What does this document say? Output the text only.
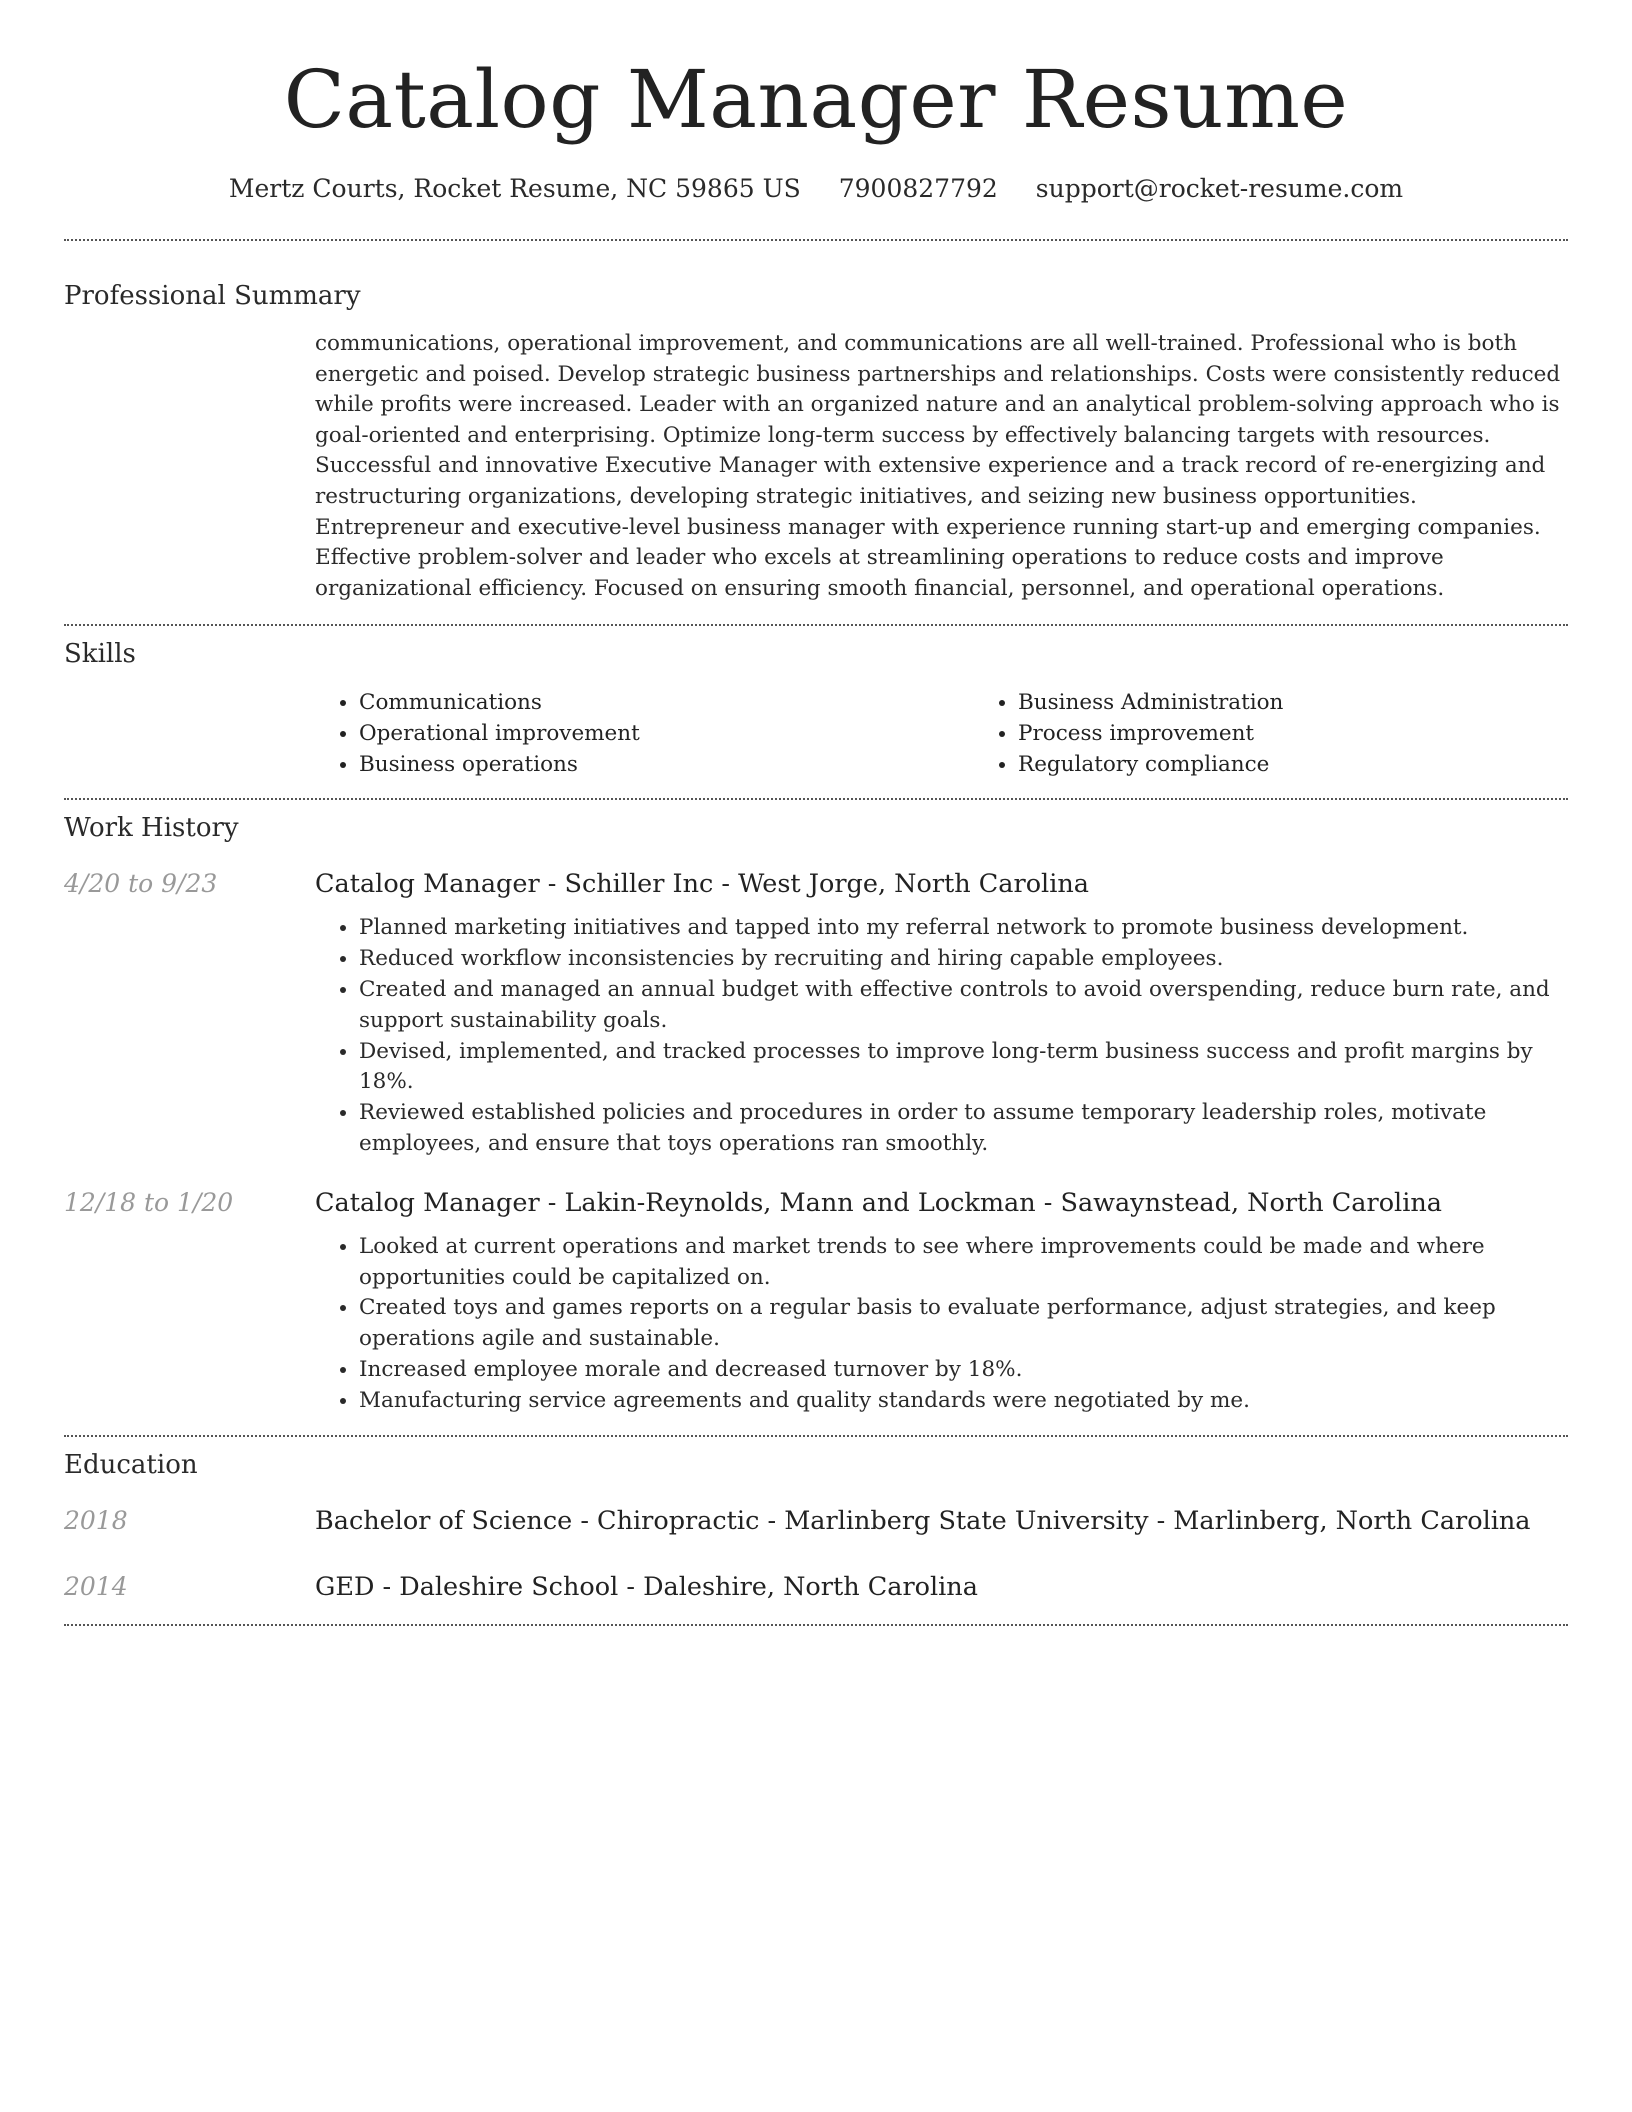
Catalog Manager Resume
Mertz Courts, Rocket Resume, NC 59865 US 7900827792 support@rocket-resume.com
Professional Summary

communications, operational improvement, and communications are all well-trained. Professional who is both energetic and poised. Develop strategic business partnerships and relationships. Costs were consistently reduced while profits were increased. Leader with an organized nature and an analytical problem-solving approach who is goal-oriented and enterprising. Optimize long-term success by effectively balancing targets with resources. Successful and innovative Executive Manager with extensive experience and a track record of re-energizing and restructuring organizations, developing strategic initiatives, and seizing new business opportunities. Entrepreneur and executive-level business manager with experience running start-up and emerging companies. Effective problem-solver and leader who excels at streamlining operations to reduce costs and improve organizational efficiency. Focused on ensuring smooth financial, personnel, and operational operations.

Skills
• Communications
• Operational improvement
• Business operations
• Business Administration
• Process improvement
• Regulatory compliance
Work History
4/20 to 9/23	Catalog Manager - Schiller Inc - West Jorge, North Carolina
• Planned marketing initiatives and tapped into my referral network to promote business development.
• Reduced workflow inconsistencies by recruiting and hiring capable employees.
• Created and managed an annual budget with effective controls to avoid overspending, reduce burn rate, and support sustainability goals.
• Devised, implemented, and tracked processes to improve long-term business success and profit margins by 18%.
• Reviewed established policies and procedures in order to assume temporary leadership roles, motivate employees, and ensure that toys operations ran smoothly.
12/18 to 1/20	Catalog Manager - Lakin-Reynolds, Mann and Lockman - Sawaynstead, North Carolina
• Looked at current operations and market trends to see where improvements could be made and where opportunities could be capitalized on.
• Created toys and games reports on a regular basis to evaluate performance, adjust strategies, and keep operations agile and sustainable.
• Increased employee morale and decreased turnover by 18%.
• Manufacturing service agreements and quality standards were negotiated by me.
Education
2018	Bachelor of Science - Chiropractic - Marlinberg State University - Marlinberg, North Carolina
2014	GED - Daleshire School - Daleshire, North Carolina
